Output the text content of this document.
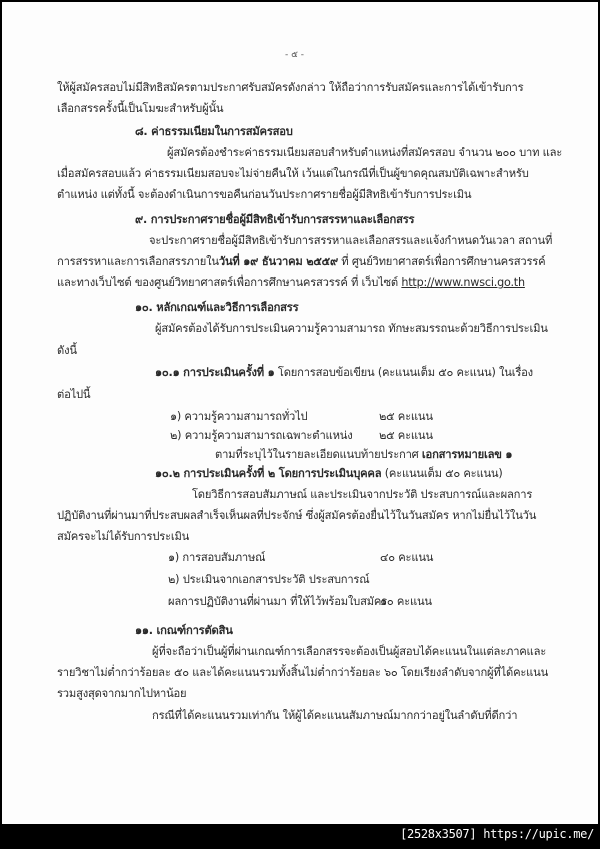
- ๕ -
ให้ผู้สมัครสอบไม่มีสิทธิสมัครตามประกาศรับสมัครดังกล่าว ให้ถือว่าการรับสมัครและการได้เข้ารับการ
เลือกสรรครั้งนี้เป็นโมฆะสำหรับผู้นั้น
๘. ค่าธรรมเนียมในการสมัครสอบ
ผู้สมัครต้องชำระค่าธรรมเนียมสอบสำหรับตำแหน่งที่สมัครสอบ จำนวน ๒๐๐ บาท และ
เมื่อสมัครสอบแล้ว ค่าธรรมเนียมสอบจะไม่จ่ายคืนให้ เว้นแต่ในกรณีที่เป็นผู้ขาดคุณสมบัติเฉพาะสำหรับ
ตำแหน่ง แต่ทั้งนี้ จะต้องดำเนินการขอคืนก่อนวันประกาศรายชื่อผู้มีสิทธิเข้ารับการประเมิน
๙. การประกาศรายชื่อผู้มีสิทธิเข้ารับการสรรหาและเลือกสรร
จะประกาศรายชื่อผู้มีสิทธิเข้ารับการสรรหาและเลือกสรรและแจ้งกำหนดวันเวลา สถานที่
การสรรหาและการเลือกสรรภายในวันที่ ๑๙ ธันวาคม ๒๕๕๙ ที่ ศูนย์วิทยาศาสตร์เพื่อการศึกษานครสวรรค์
และทางเว็บไซต์ ของศูนย์วิทยาศาสตร์เพื่อการศึกษานครสวรรค์ ที่ เว็บไซต์ http://www.nwsci.go.th
๑๐. หลักเกณฑ์และวิธีการเลือกสรร
ผู้สมัครต้องได้รับการประเมินความรู้ความสามารถ ทักษะสมรรถนะด้วยวิธีการประเมิน
ดังนี้
๑๐.๑ การประเมินครั้งที่ ๑ โดยการสอบข้อเขียน (คะแนนเต็ม ๕๐ คะแนน) ในเรื่อง
ต่อไปนี้
๑) ความรู้ความสามารถทั่วไป	๒๕ คะแนน
๒) ความรู้ความสามารถเฉพาะตำแหน่ง ๒๕ คะแนน
ตามที่ระบุไว้ในรายละเอียดแนบท้ายประกาศ เอกสารหมายเลข ๑
๑๐.๒ การประเมินครั้งที่ ๒ โดยการประเมินบุคคล (คะแนนเต็ม ๕๐ คะแนน)
โดยวิธีการสอบสัมภาษณ์ และประเมินจากประวัติ ประสบการณ์และผลการ
ปฏิบัติงานที่ผ่านมาที่ประสบผลสำเร็จเห็นผลที่ประจักษ์ ซึ่งผู้สมัครต้องยื่นไว้ในวันสมัคร หากไม่ยื่นไว้ในวัน
สมัครจะไม่ได้รับการประเมิน
๑) การสอบสัมภาษณ์	๔๐ คะแนน
๒) ประเมินจากเอกสารประวัติ ประสบการณ์
ผลการปฏิบัติงานที่ผ่านมา ที่ให้ไว้พร้อมใบสมัคร
๑๐ คะแนน
๑๑. เกณฑ์การตัดสิน
ผู้ที่จะถือว่าเป็นผู้ที่ผ่านเกณฑ์การเลือกสรรจะต้องเป็นผู้สอบได้คะแนนในแต่ละภาคและ
รายวิชาไม่ต่ำกว่าร้อยละ ๕๐ และได้คะแนนรวมทั้งสิ้นไม่ต่ำกว่าร้อยละ ๖๐ โดยเรียงลำดับจากผู้ที่ได้คะแนน
รวมสูงสุดจากมากไปหาน้อย
กรณีที่ได้คะแนนรวมเท่ากัน ให้ผู้ได้คะแนนสัมภาษณ์มากกว่าอยู่ในลำดับที่ดีกว่า
[2528x3507] https://upic.me/
